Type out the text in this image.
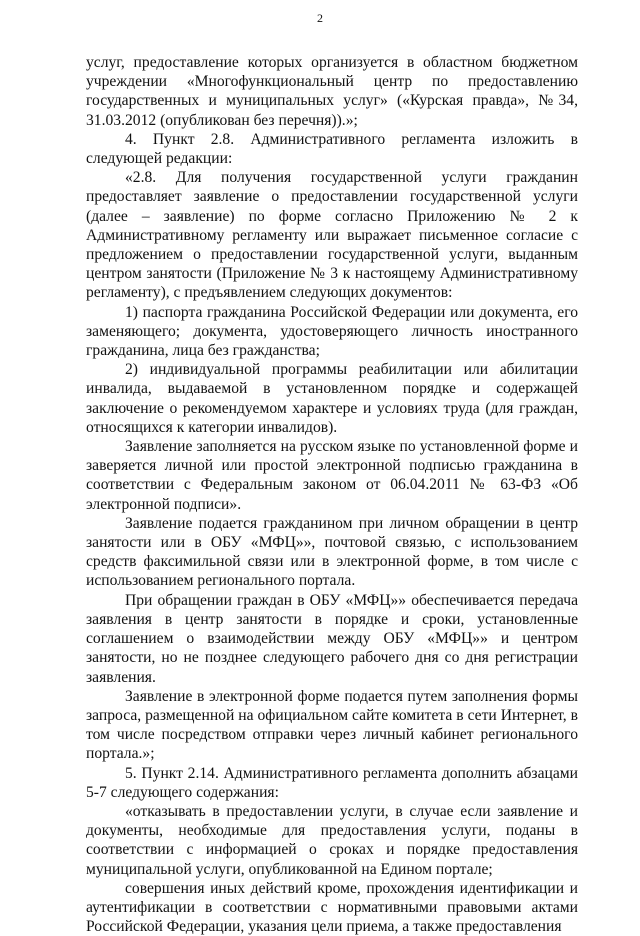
2

услуг, предоставление которых организуется в областном бюджетном учреждении «Многофункциональный центр по предоставлению государственных и муниципальных услуг» («Курская правда», №34, 31.03.2012 (опубликован без перечня)).»;

4. Пункт 2.8. Административного регламента изложить в следующей редакции:

«2.8. Для получения государственной услуги гражданин предоставляет заявление о предоставлении государственной услуги (далее – заявление) по форме согласно Приложению № 2 к Административному регламенту или выражает письменное согласие с предложением о предоставлении государственной услуги, выданным центром занятости (Приложение № 3 к настоящему Административному регламенту), с предъявлением следующих документов:

1) паспорта гражданина Российской Федерации или документа, его заменяющего; документа, удостоверяющего личность иностранного гражданина, лица без гражданства;

2) индивидуальной программы реабилитации или абилитации инвалида, выдаваемой в установленном порядке и содержащей заключение о рекомендуемом характере и условиях труда (для граждан, относящихся к категории инвалидов).

Заявление заполняется на русском языке по установленной форме и заверяется личной или простой электронной подписью гражданина в соответствии с Федеральным законом от 06.04.2011 № 63-ФЗ «Об электронной подписи».

Заявление подается гражданином при личном обращении в центр занятости или в ОБУ «МФЦ»», почтовой связью, с использованием средств факсимильной связи или в электронной форме, в том числе с использованием регионального портала.

При обращении граждан в ОБУ «МФЦ»» обеспечивается передача заявления в центр занятости в порядке и сроки, установленные соглашением о взаимодействии между ОБУ «МФЦ»» и центром занятости, но не позднее следующего рабочего дня со дня регистрации заявления.

Заявление в электронной форме подается путем заполнения формы запроса, размещенной на официальном сайте комитета в сети Интернет, в том числе посредством отправки через личный кабинет регионального портала.»;

5. Пункт 2.14. Административного регламента дополнить абзацами 5-7 следующего содержания:

«отказывать в предоставлении услуги, в случае если заявление и документы, необходимые для предоставления услуги, поданы в соответствии с информацией о сроках и порядке предоставления муниципальной услуги, опубликованной на Едином портале;

совершения иных действий кроме, прохождения идентификации и аутентификации в соответствии с нормативными правовыми актами Российской Федерации, указания цели приема, а также предоставления
